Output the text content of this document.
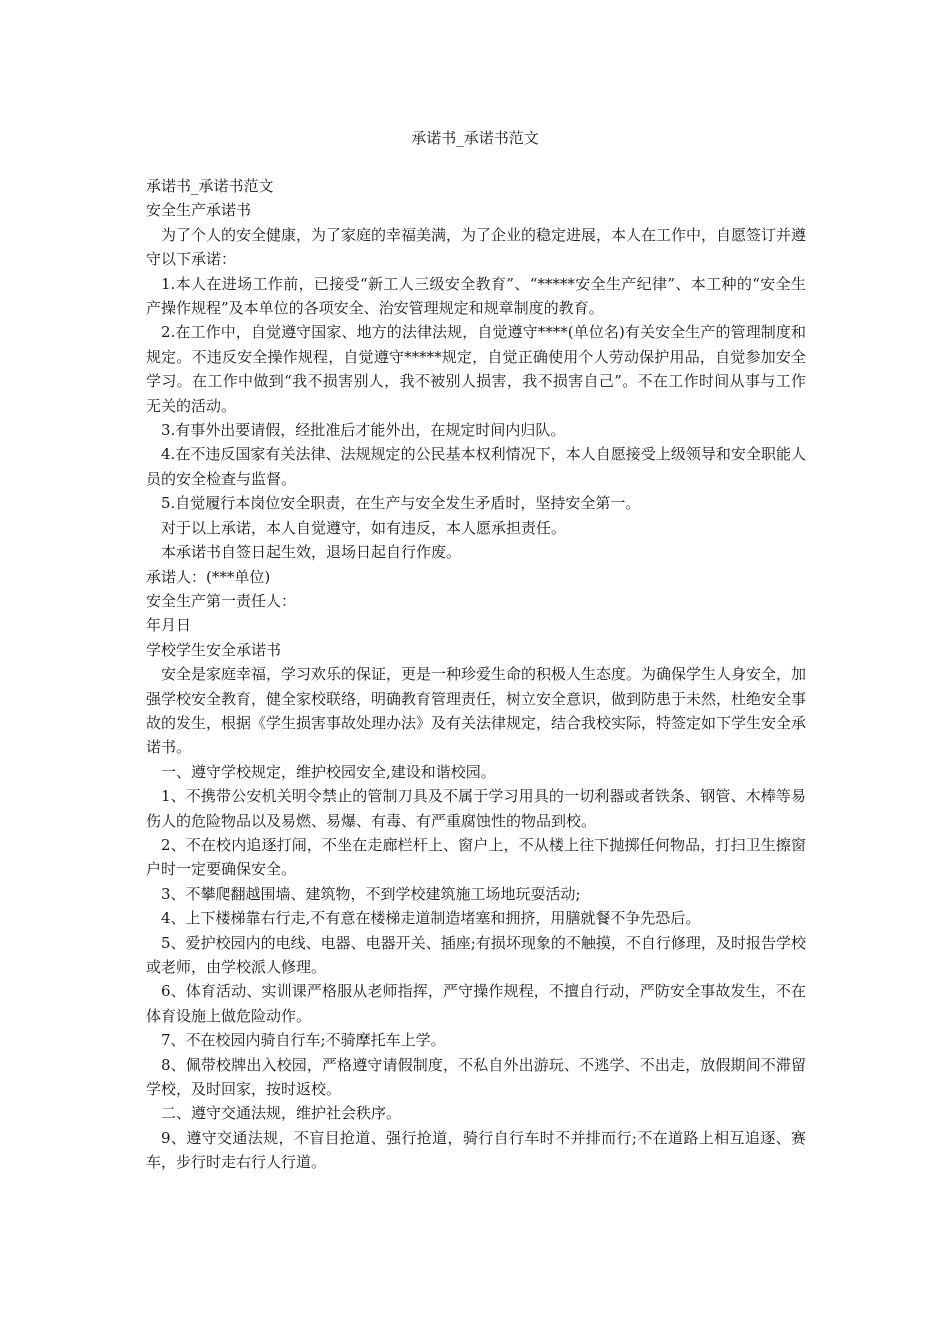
承诺书_承诺书范文

承诺书_承诺书范文

安全生产承诺书

为了个人的安全健康，为了家庭的幸福美满，为了企业的稳定进展，本人在工作中，自愿签订并遵守以下承诺：

1.本人在进场工作前，已接受“新工人三级安全教育”、“*****安全生产纪律”、本工种的“安全生产操作规程”及本单位的各项安全、治安管理规定和规章制度的教育。

2.在工作中，自觉遵守国家、地方的法律法规，自觉遵守****(单位名)有关安全生产的管理制度和规定。不违反安全操作规程，自觉遵守*****规定，自觉正确使用个人劳动保护用品，自觉参加安全学习。在工作中做到“我不损害别人，我不被别人损害，我不损害自己”。不在工作时间从事与工作无关的活动。

3.有事外出要请假，经批准后才能外出，在规定时间内归队。

4.在不违反国家有关法律、法规规定的公民基本权利情况下，本人自愿接受上级领导和安全职能人员的安全检查与监督。

5.自觉履行本岗位安全职责，在生产与安全发生矛盾时，坚持安全第一。

对于以上承诺，本人自觉遵守，如有违反，本人愿承担责任。

本承诺书自签日起生效，退场日起自行作废。

承诺人：(***单位)

安全生产第一责任人：

年月日

学校学生安全承诺书

安全是家庭幸福，学习欢乐的保证，更是一种珍爱生命的积极人生态度。为确保学生人身安全，加强学校安全教育，健全家校联络，明确教育管理责任，树立安全意识，做到防患于未然，杜绝安全事故的发生，根据《学生损害事故处理办法》及有关法律规定，结合我校实际，特签定如下学生安全承诺书。

一、遵守学校规定，维护校园安全,建设和谐校园。

1、不携带公安机关明令禁止的管制刀具及不属于学习用具的一切利器或者铁条、钢管、木棒等易伤人的危险物品以及易燃、易爆、有毒、有严重腐蚀性的物品到校。

2、不在校内追逐打闹，不坐在走廊栏杆上、窗户上，不从楼上往下抛掷任何物品，打扫卫生擦窗户时一定要确保安全。

3、不攀爬翻越围墙、建筑物，不到学校建筑施工场地玩耍活动;

4、上下楼梯靠右行走,不有意在楼梯走道制造堵塞和拥挤，用膳就餐不争先恐后。

5、爱护校园内的电线、电器、电器开关、插座;有损坏现象的不触摸，不自行修理，及时报告学校或老师，由学校派人修理。

6、体育活动、实训课严格服从老师指挥，严守操作规程，不擅自行动，严防安全事故发生，不在体育设施上做危险动作。

7、不在校园内骑自行车;不骑摩托车上学。

8、佩带校牌出入校园，严格遵守请假制度，不私自外出游玩、不逃学、不出走，放假期间不滞留学校，及时回家，按时返校。

二、遵守交通法规，维护社会秩序。

9、遵守交通法规，不盲目抢道、强行抢道，骑行自行车时不并排而行;不在道路上相互追逐、赛车，步行时走右行人行道。
